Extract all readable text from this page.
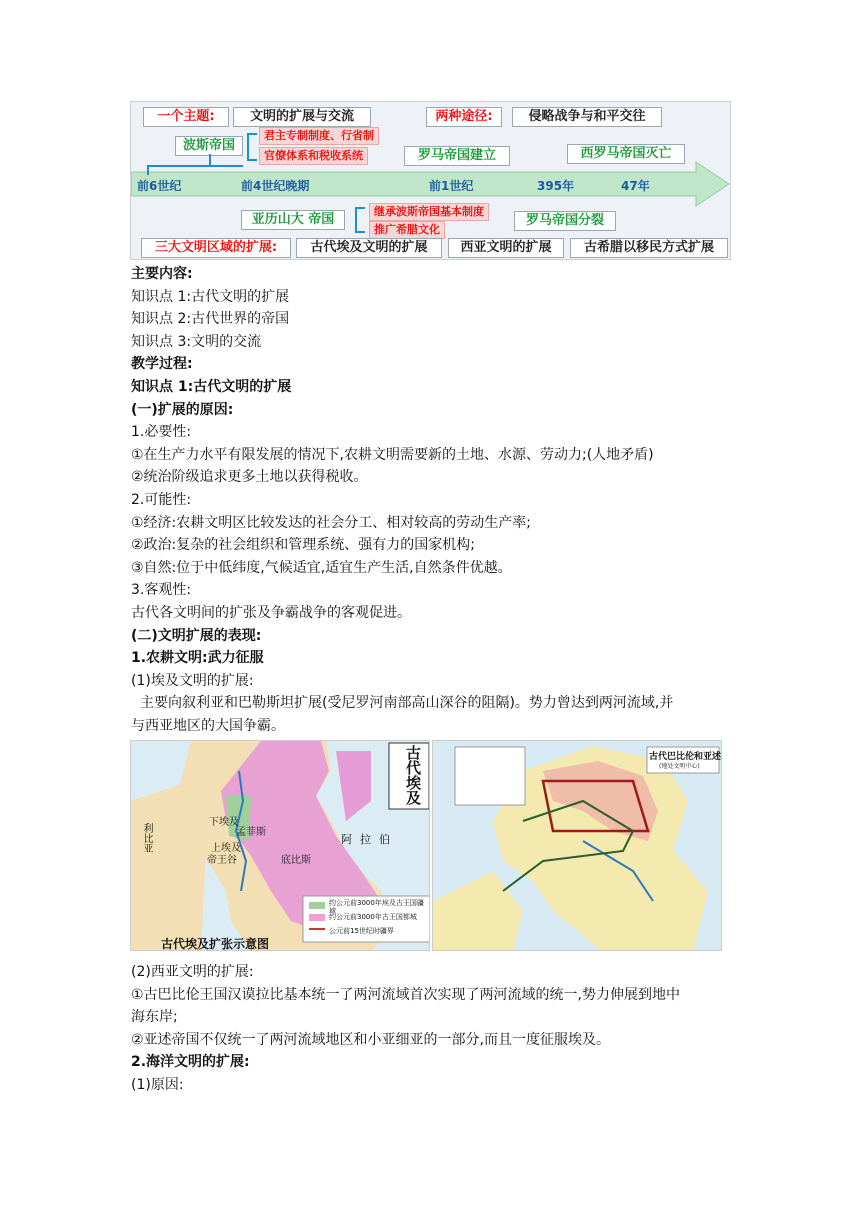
一个主题:	文明的扩展与交流	两种途径:	侵略战争与和平交往
波斯帝国
君主专制制度、行省制
官僚体系和税收系统	罗马帝国建立	西罗马帝国灭亡
前6世纪	前4世纪晚期	前1世纪	395年	47年
亚历山大 帝国
继承波斯帝国基本制度
推广希腊文化
罗马帝国分裂
三大文明区域的扩展:	古代埃及文明的扩展	西亚文明的扩展	古希腊以移民方式扩展
主要内容:
知识点 1:古代文明的扩展
知识点 2:古代世界的帝国
知识点 3:文明的交流
教学过程:
知识点 1:古代文明的扩展
(一)扩展的原因:
1.必要性:
①在生产力水平有限发展的情况下,农耕文明需要新的土地、水源、劳动力;(人地矛盾)
②统治阶级追求更多土地以获得税收。
2.可能性:
①经济:农耕文明区比较发达的社会分工、相对较高的劳动生产率;
②政治:复杂的社会组织和管理系统、强有力的国家机构;
③自然:位于中低纬度,气候适宜,适宜生产生活,自然条件优越。
3.客观性:
古代各文明间的扩张及争霸战争的客观促进。
(二)文明扩展的表现:
1.农耕文明:武力征服
(1)埃及文明的扩展:
主要向叙利亚和巴勒斯坦扩展(受尼罗河南部高山深谷的阻隔)。势力曾达到两河流域,并
与西亚地区的大国争霸。
古代埃及
下埃及
孟菲斯
上埃及
底比斯
帝王谷
阿拉伯
利比亚
约公元前3000年埃及古王国疆域
约公元前3000年古王国都城
公元前15世纪时疆界
古代埃及扩张示意图
古代巴比伦和亚述
(地处文明中心)
(2)西亚文明的扩展:
①古巴比伦王国汉谟拉比基本统一了两河流域首次实现了两河流域的统一,势力伸展到地中
海东岸;
②亚述帝国不仅统一了两河流域地区和小亚细亚的一部分,而且一度征服埃及。
2.海洋文明的扩展:
(1)原因:
